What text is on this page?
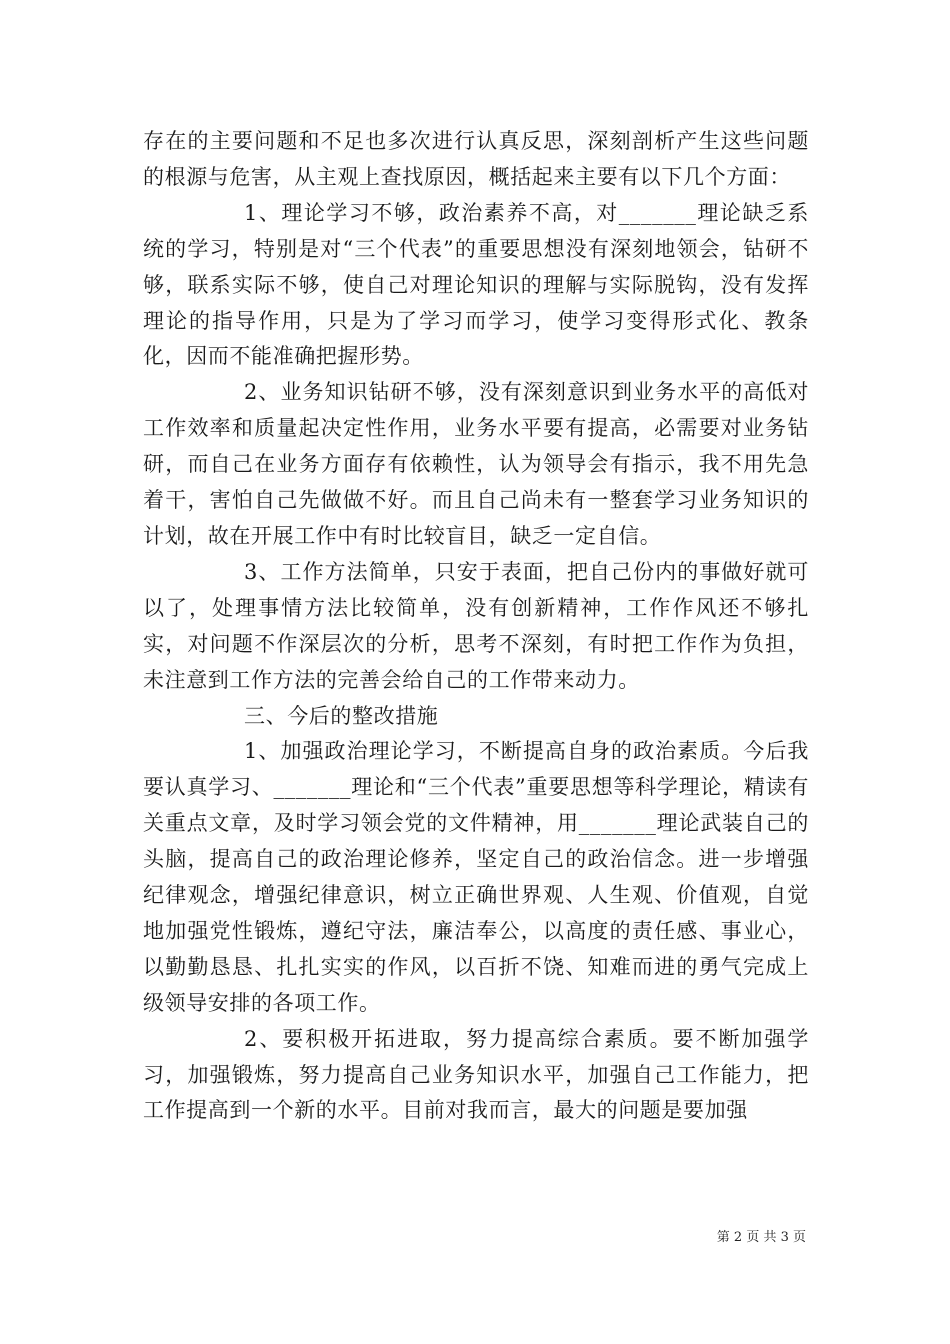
存在的主要问题和不足也多次进行认真反思，深刻剖析产生这些问题的根源与危害，从主观上查找原因，概括起来主要有以下几个方面：

1、理论学习不够，政治素养不高，对_______理论缺乏系统的学习，特别是对“三个代表”的重要思想没有深刻地领会，钻研不够，联系实际不够，使自己对理论知识的理解与实际脱钩，没有发挥理论的指导作用，只是为了学习而学习，使学习变得形式化、教条化，因而不能准确把握形势。

2、业务知识钻研不够，没有深刻意识到业务水平的高低对工作效率和质量起决定性作用，业务水平要有提高，必需要对业务钻研，而自己在业务方面存有依赖性，认为领导会有指示，我不用先急着干，害怕自己先做做不好。而且自己尚未有一整套学习业务知识的计划，故在开展工作中有时比较盲目，缺乏一定自信。

3、工作方法简单，只安于表面，把自己份内的事做好就可以了，处理事情方法比较简单，没有创新精神，工作作风还不够扎实，对问题不作深层次的分析，思考不深刻，有时把工作作为负担，未注意到工作方法的完善会给自己的工作带来动力。

三、今后的整改措施

1、加强政治理论学习，不断提高自身的政治素质。今后我要认真学习、_______理论和“三个代表”重要思想等科学理论，精读有关重点文章，及时学习领会党的文件精神，用_______理论武装自己的头脑，提高自己的政治理论修养，坚定自己的政治信念。进一步增强纪律观念，增强纪律意识，树立正确世界观、人生观、价值观，自觉地加强党性锻炼，遵纪守法，廉洁奉公，以高度的责任感、事业心，以勤勤恳恳、扎扎实实的作风，以百折不饶、知难而进的勇气完成上级领导安排的各项工作。

2、要积极开拓进取，努力提高综合素质。要不断加强学习，加强锻炼，努力提高自己业务知识水平，加强自己工作能力，把工作提高到一个新的水平。目前对我而言，最大的问题是要加强

第 2 页 共 3 页
